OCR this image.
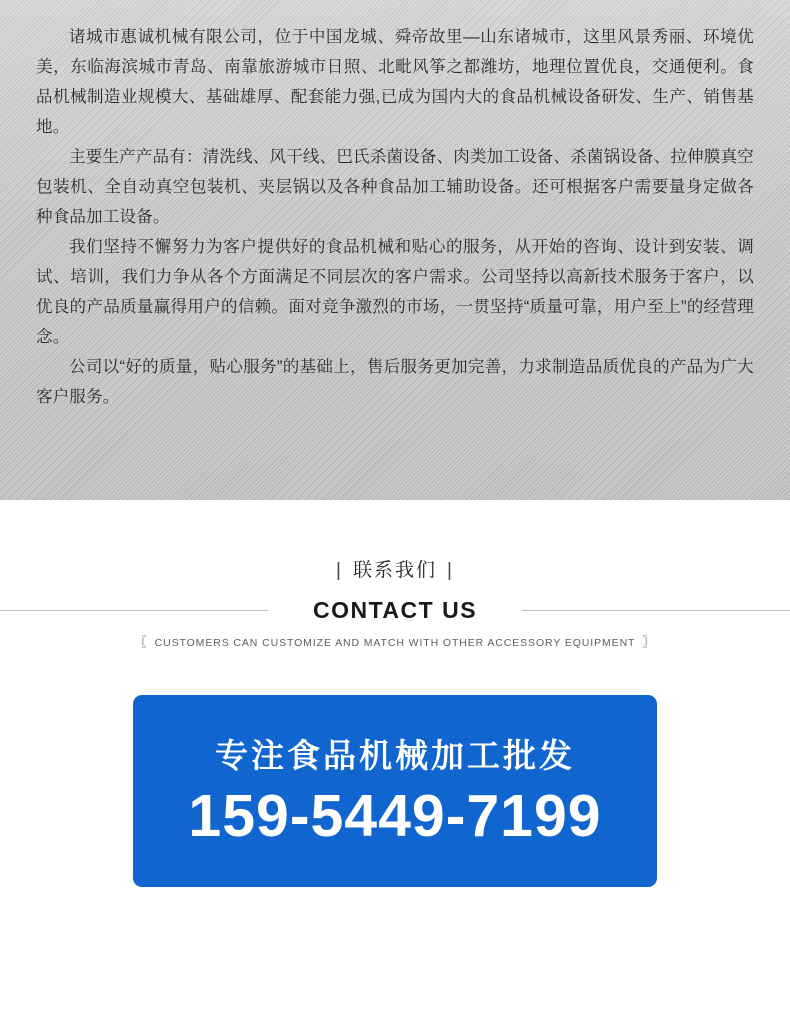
诸城市惠诚机械有限公司，位于中国龙城、舜帝故里—山东诸城市，这里风景秀丽、环境优美，东临海滨城市青岛、南靠旅游城市日照、北毗风筝之都潍坊，地理位置优良，交通便利。食品机械制造业规模大、基础雄厚、配套能力强,已成为国内大的食品机械设备研发、生产、销售基地。

主要生产产品有：清洗线、风干线、巴氏杀菌设备、肉类加工设备、杀菌锅设备、拉伸膜真空包装机、全自动真空包装机、夹层锅以及各种食品加工辅助设备。还可根据客户需要量身定做各种食品加工设备。

我们坚持不懈努力为客户提供好的食品机械和贴心的服务，从开始的咨询、设计到安装、调试、培训，我们力争从各个方面满足不同层次的客户需求。公司坚持以高新技术服务于客户，以优良的产品质量赢得用户的信赖。面对竞争激烈的市场，一贯坚持“质量可靠，用户至上”的经营理念。

公司以“好的质量，贴心服务”的基础上，售后服务更加完善，力求制造品质优良的产品为广大客户服务。

| 联系我们 |
CONTACT US
〖 CUSTOMERS CAN CUSTOMIZE AND MATCH WITH OTHER ACCESSORY EQUIPMENT 〗
专注食品机械加工批发
159-5449-7199
